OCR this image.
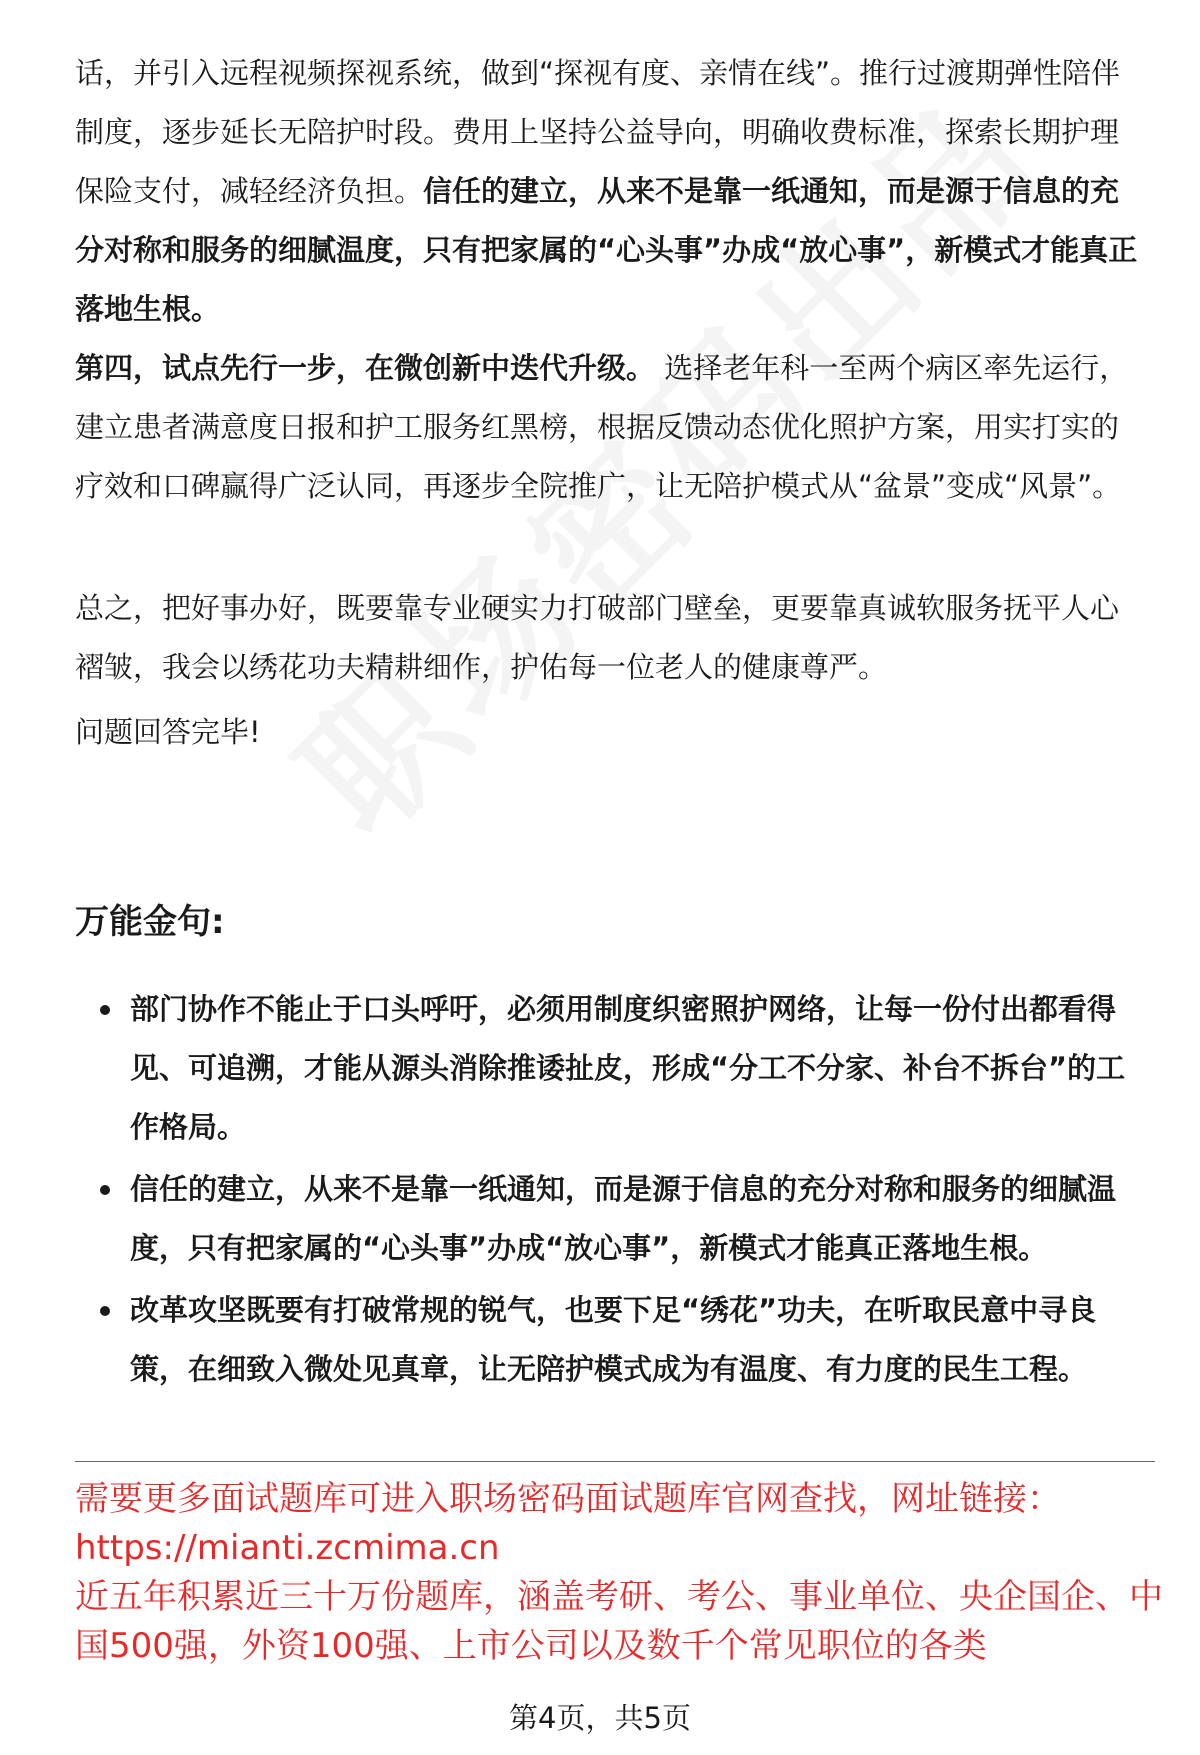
话，并引入远程视频探视系统，做到“探视有度、亲情在线”。推行过渡期弹性陪伴制度，逐步延长无陪护时段。费用上坚持公益导向，明确收费标准，探索长期护理保险支付，减轻经济负担。信任的建立，从来不是靠一纸通知，而是源于信息的充分对称和服务的细腻温度，只有把家属的“心头事”办成“放心事”，新模式才能真正落地生根。

第四，试点先行一步，在微创新中迭代升级。 选择老年科一至两个病区率先运行，建立患者满意度日报和护工服务红黑榜，根据反馈动态优化照护方案，用实打实的疗效和口碑赢得广泛认同，再逐步全院推广，让无陪护模式从“盆景”变成“风景”。

总之，把好事办好，既要靠专业硬实力打破部门壁垒，更要靠真诚软服务抚平人心褶皱，我会以绣花功夫精耕细作，护佑每一位老人的健康尊严。

问题回答完毕!

万能金句:
部门协作不能止于口头呼吁，必须用制度织密照护网络，让每一份付出都看得见、可追溯，才能从源头消除推诿扯皮，形成“分工不分家、补台不拆台”的工作格局。
信任的建立，从来不是靠一纸通知，而是源于信息的充分对称和服务的细腻温度，只有把家属的“心头事”办成“放心事”，新模式才能真正落地生根。
改革攻坚既要有打破常规的锐气，也要下足“绣花”功夫，在听取民意中寻良策，在细致入微处见真章，让无陪护模式成为有温度、有力度的民生工程。

需要更多面试题库可进入职场密码面试题库官网查找，网址链接：

https://mianti.zcmima.cn

近五年积累近三十万份题库，涵盖考研、考公、事业单位、央企国企、中国500强，外资100强、上市公司以及数千个常见职位的各类

第4页，共5页
